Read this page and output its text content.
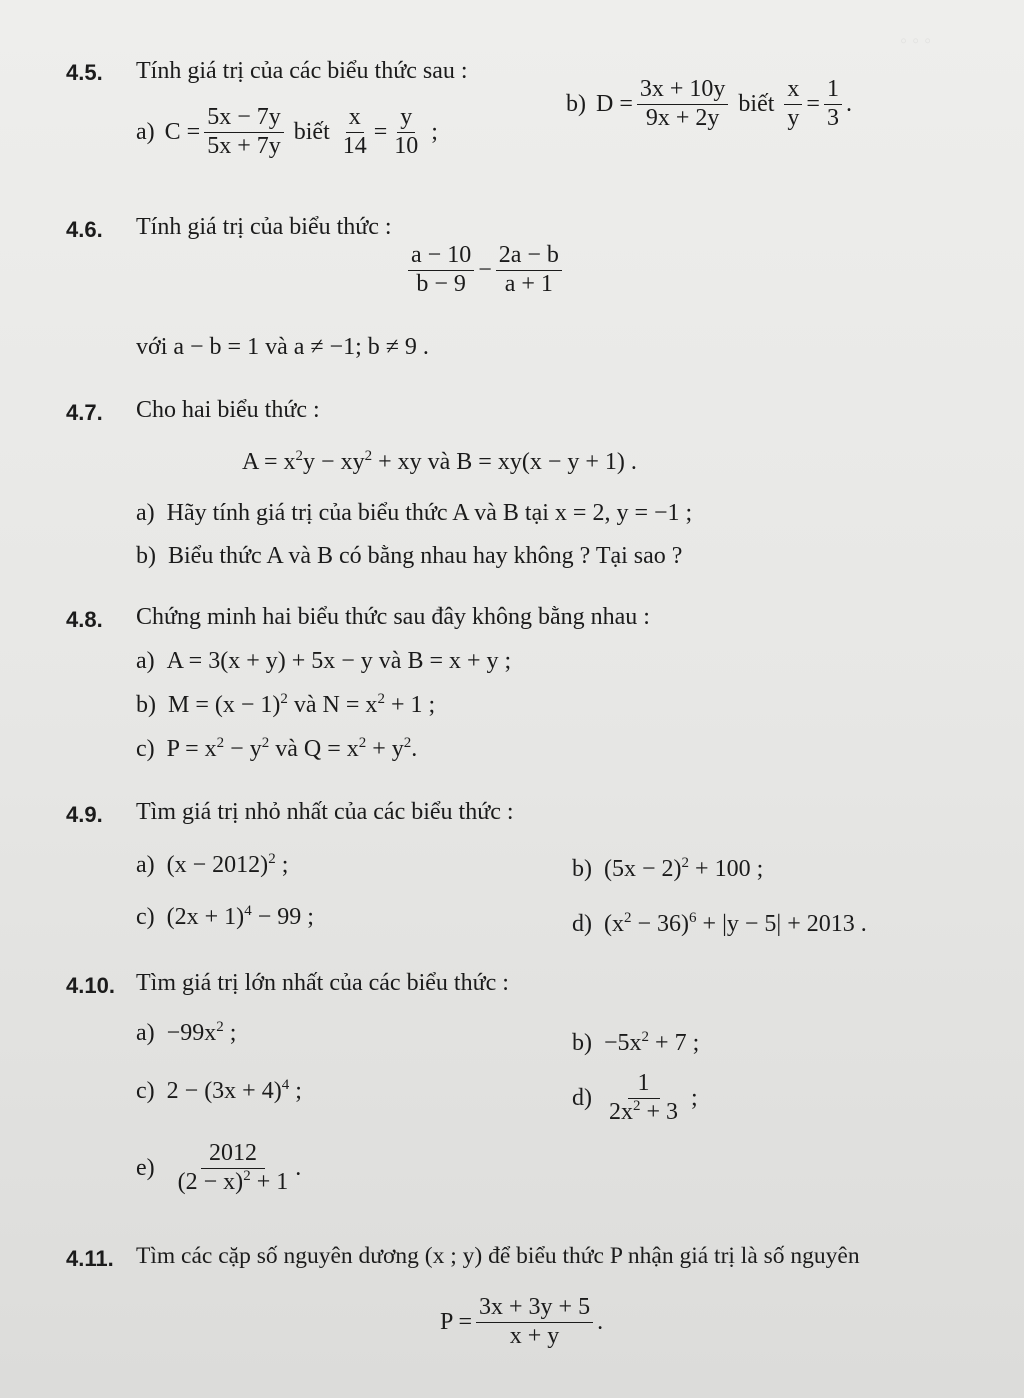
◦ ◦ ◦
4.5. Tính giá trị của các biểu thức sau :
a) $C = \frac{5x - 7y}{5x + 7y}$ biết $\frac{x}{14} = \frac{y}{10}$ ;
b) $D = \frac{3x + 10y}{9x + 2y}$ biết $\frac{x}{y} = \frac{1}{3}$ .
4.6. Tính giá trị của biểu thức :
$\frac{a - 10}{b - 9} - \frac{2a - b}{a + 1}$
với a − b = 1 và a ≠ −1; b ≠ 9 .
4.7. Cho hai biểu thức :
$A = x^2y - xy^2$ + xy và B = xy(x − y + 1) .
a) Hãy tính giá trị của biểu thức A và B tại x = 2, y = −1 ;
b) Biểu thức A và B có bằng nhau hay không ? Tại sao ?
4.8. Chứng minh hai biểu thức sau đây không bằng nhau :
a) A = 3(x + y) + 5x − y và B = x + y ;
b) $M = (x - 1)^2$ và $N = x^2 + 1$ ;
c) $P = x^2 - y^2$ và $Q = x^2 + y^2$.
4.9. Tìm giá trị nhỏ nhất của các biểu thức :
a) $(x - 2012)^2$ ;	b) $(5x - 2)^2 + 100$ ;
c) $(2x + 1)^4 - 99$ ;	d) $(x^2 - 36)^6 + |y - 5| + 2013$ .
4.10. Tìm giá trị lớn nhất của các biểu thức :
$a) -99x^2$ ;	$b) -5x^2 + 7$ ;
c) $2 - (3x + 4)^4$ ;	$d) \frac{1}{2x^2 + 3}$ ;
$e) \frac{2012}{(2 - x)^2 + 1}$ .
4.11. Tìm các cặp số nguyên dương (x ; y) để biểu thức P nhận giá trị là số nguyên
$P = \frac{3x + 3y + 5}{x + y}$ .
